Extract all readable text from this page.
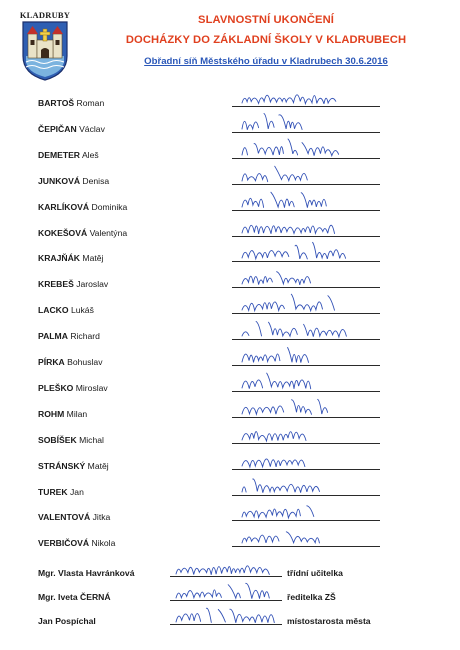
KLADRUBY	SLAVNOSTNÍ UKONČENÍ
DOCHÁZKY DO ZÁKLADNÍ ŠKOLY V KLADRUBECH
Obřadní síň Městského úřadu v Kladrubech 30.6.2016
BARTOŠ Roman
ČEPIČAN Václav
DEMETER Aleš
JUNKOVÁ Denisa
KARLÍKOVÁ Dominika
KOKEŠOVÁ Valentýna
KRAJŇÁK Matěj
KREBEŠ Jaroslav
LACKO Lukáš
PALMA Richard
PÍRKA Bohuslav
PLEŠKO Miroslav
ROHM Milan
SOBÍŠEK Michal
STRÁNSKÝ Matěj
TUREK Jan
VALENTOVÁ Jitka
VERBIČOVÁ Nikola
Mgr. Vlasta Havránková	třídní učitelka
Mgr. Iveta ČERNÁ	ředitelka ZŠ
Jan Pospíchal	místostarosta města
